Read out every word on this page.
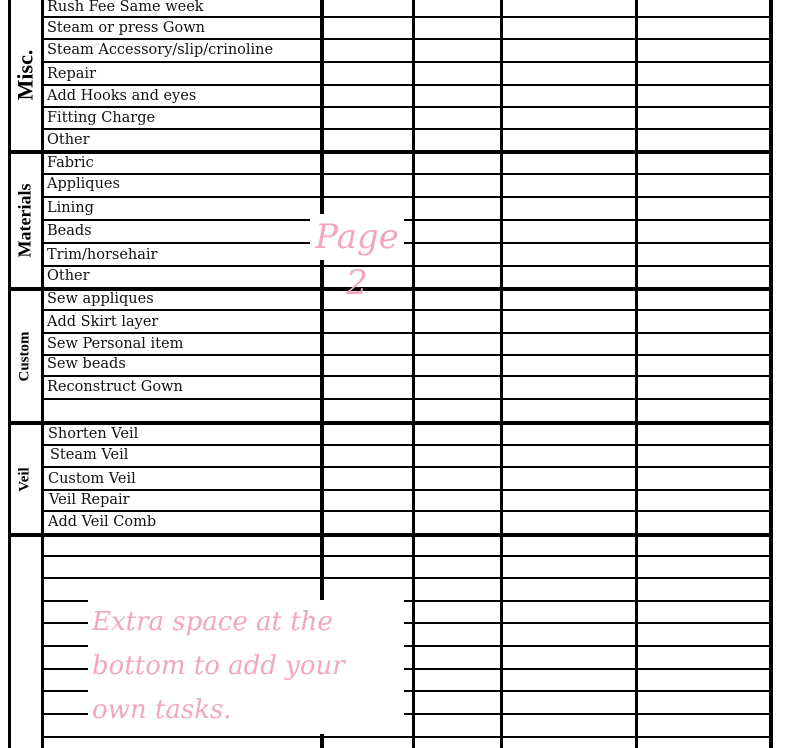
Misc.
Materials
Custom
Veil
Rush Fee Same week
Steam or press Gown
Steam Accessory/slip/crinoline
Repair
Add Hooks and eyes
Fitting Charge
Other
Fabric
Appliques
Lining
Beads
Trim/horsehair
Other
Sew appliques
Add Skirt layer
Sew Personal item
Sew beads
Reconstruct Gown
Shorten Veil
Steam Veil
Custom Veil
Veil Repair
Add Veil Comb
Page 2
Extra space at the bottom to add your own tasks.
